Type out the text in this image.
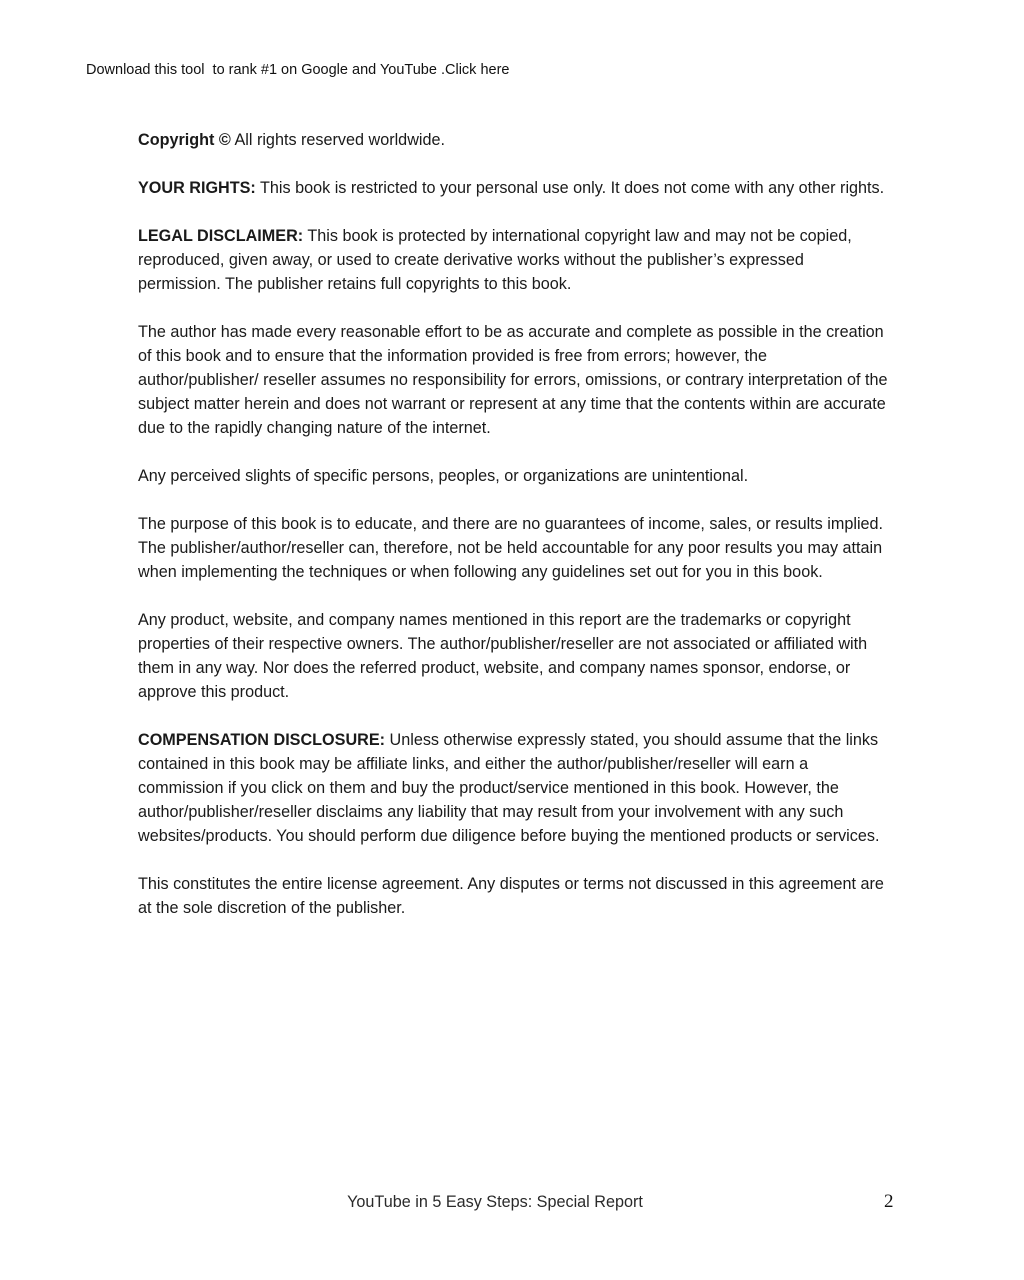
Download this tool  to rank #1 on Google and YouTube .Click here

Copyright © All rights reserved worldwide.

YOUR RIGHTS: This book is restricted to your personal use only. It does not come with any other rights.

LEGAL DISCLAIMER: This book is protected by international copyright law and may not be copied, reproduced, given away, or used to create derivative works without the publisher’s expressed permission. The publisher retains full copyrights to this book.

The author has made every reasonable effort to be as accurate and complete as possible in the creation of this book and to ensure that the information provided is free from errors; however, the author/publisher/ reseller assumes no responsibility for errors, omissions, or contrary interpretation of the subject matter herein and does not warrant or represent at any time that the contents within are accurate due to the rapidly changing nature of the internet.

Any perceived slights of specific persons, peoples, or organizations are unintentional.

The purpose of this book is to educate, and there are no guarantees of income, sales, or results implied. The publisher/author/reseller can, therefore, not be held accountable for any poor results you may attain when implementing the techniques or when following any guidelines set out for you in this book.

Any product, website, and company names mentioned in this report are the trademarks or copyright properties of their respective owners. The author/publisher/reseller are not associated or affiliated with them in any way. Nor does the referred product, website, and company names sponsor, endorse, or approve this product.

COMPENSATION DISCLOSURE: Unless otherwise expressly stated, you should assume that the links contained in this book may be affiliate links, and either the author/publisher/reseller will earn a commission if you click on them and buy the product/service mentioned in this book. However, the author/publisher/reseller disclaims any liability that may result from your involvement with any such websites/products. You should perform due diligence before buying the mentioned products or services.

This constitutes the entire license agreement. Any disputes or terms not discussed in this agreement are at the sole discretion of the publisher.

YouTube in 5 Easy Steps: Special Report	2
